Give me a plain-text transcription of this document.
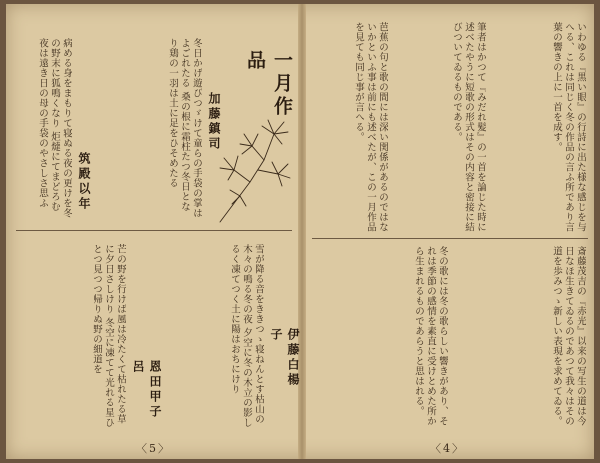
一月作品
加藤鎮司
冬日かげ遊びつゞけて童らの手袋の掌はよごれたる 桑の根に霜柱たつ冬日となり鶏の一羽は土に足をひそめたる
筑殿以年
病める身をまもりて寝ぬる夜の更けを冬の野末に狐鳴くなり 炬燵にてまどろむ夜は遠き日の母の手袋のやさしさ思ふ
伊藤白楊子
雪が降る音をききつゝ寝ねんとす枯山の木々の鳴る冬の夜 夕空に冬の木立の影しるく凍てつく土に陽はおちにけり
恩田甲子呂
芒の野を行けば風は冷たくて枯れたる草に夕日さしけり 冬空に凍てて光れる星ひとつ見つつ帰りぬ野の細道を
〈5〉
いわゆる『黒い眼』の行詩に出た様な感じを与へる、これは同じく冬の作品の言ふ所であり言葉の響きの上に一首を成す。
筆者はかつて『みだれ髪』の一首を論じた時に述べたやうに短歌の形式はその内容と密接に結びついてゐるものである。
芭蕉の句と歌の間には深い関係があるのではないかといふ事は前にも述べたが、この一月作品を見ても同じ事が言へる。
斎藤茂吉の『赤光』以来の写生の道は今日なほ生きてゐるのであつて我々はその道を歩みつゝ新しい表現を求めてゐる。
冬の歌には冬の歌らしい響きがあり、それは季節の感情を素直に受けとめた所から生まれるものであらうと思はれる。
〈4〉
